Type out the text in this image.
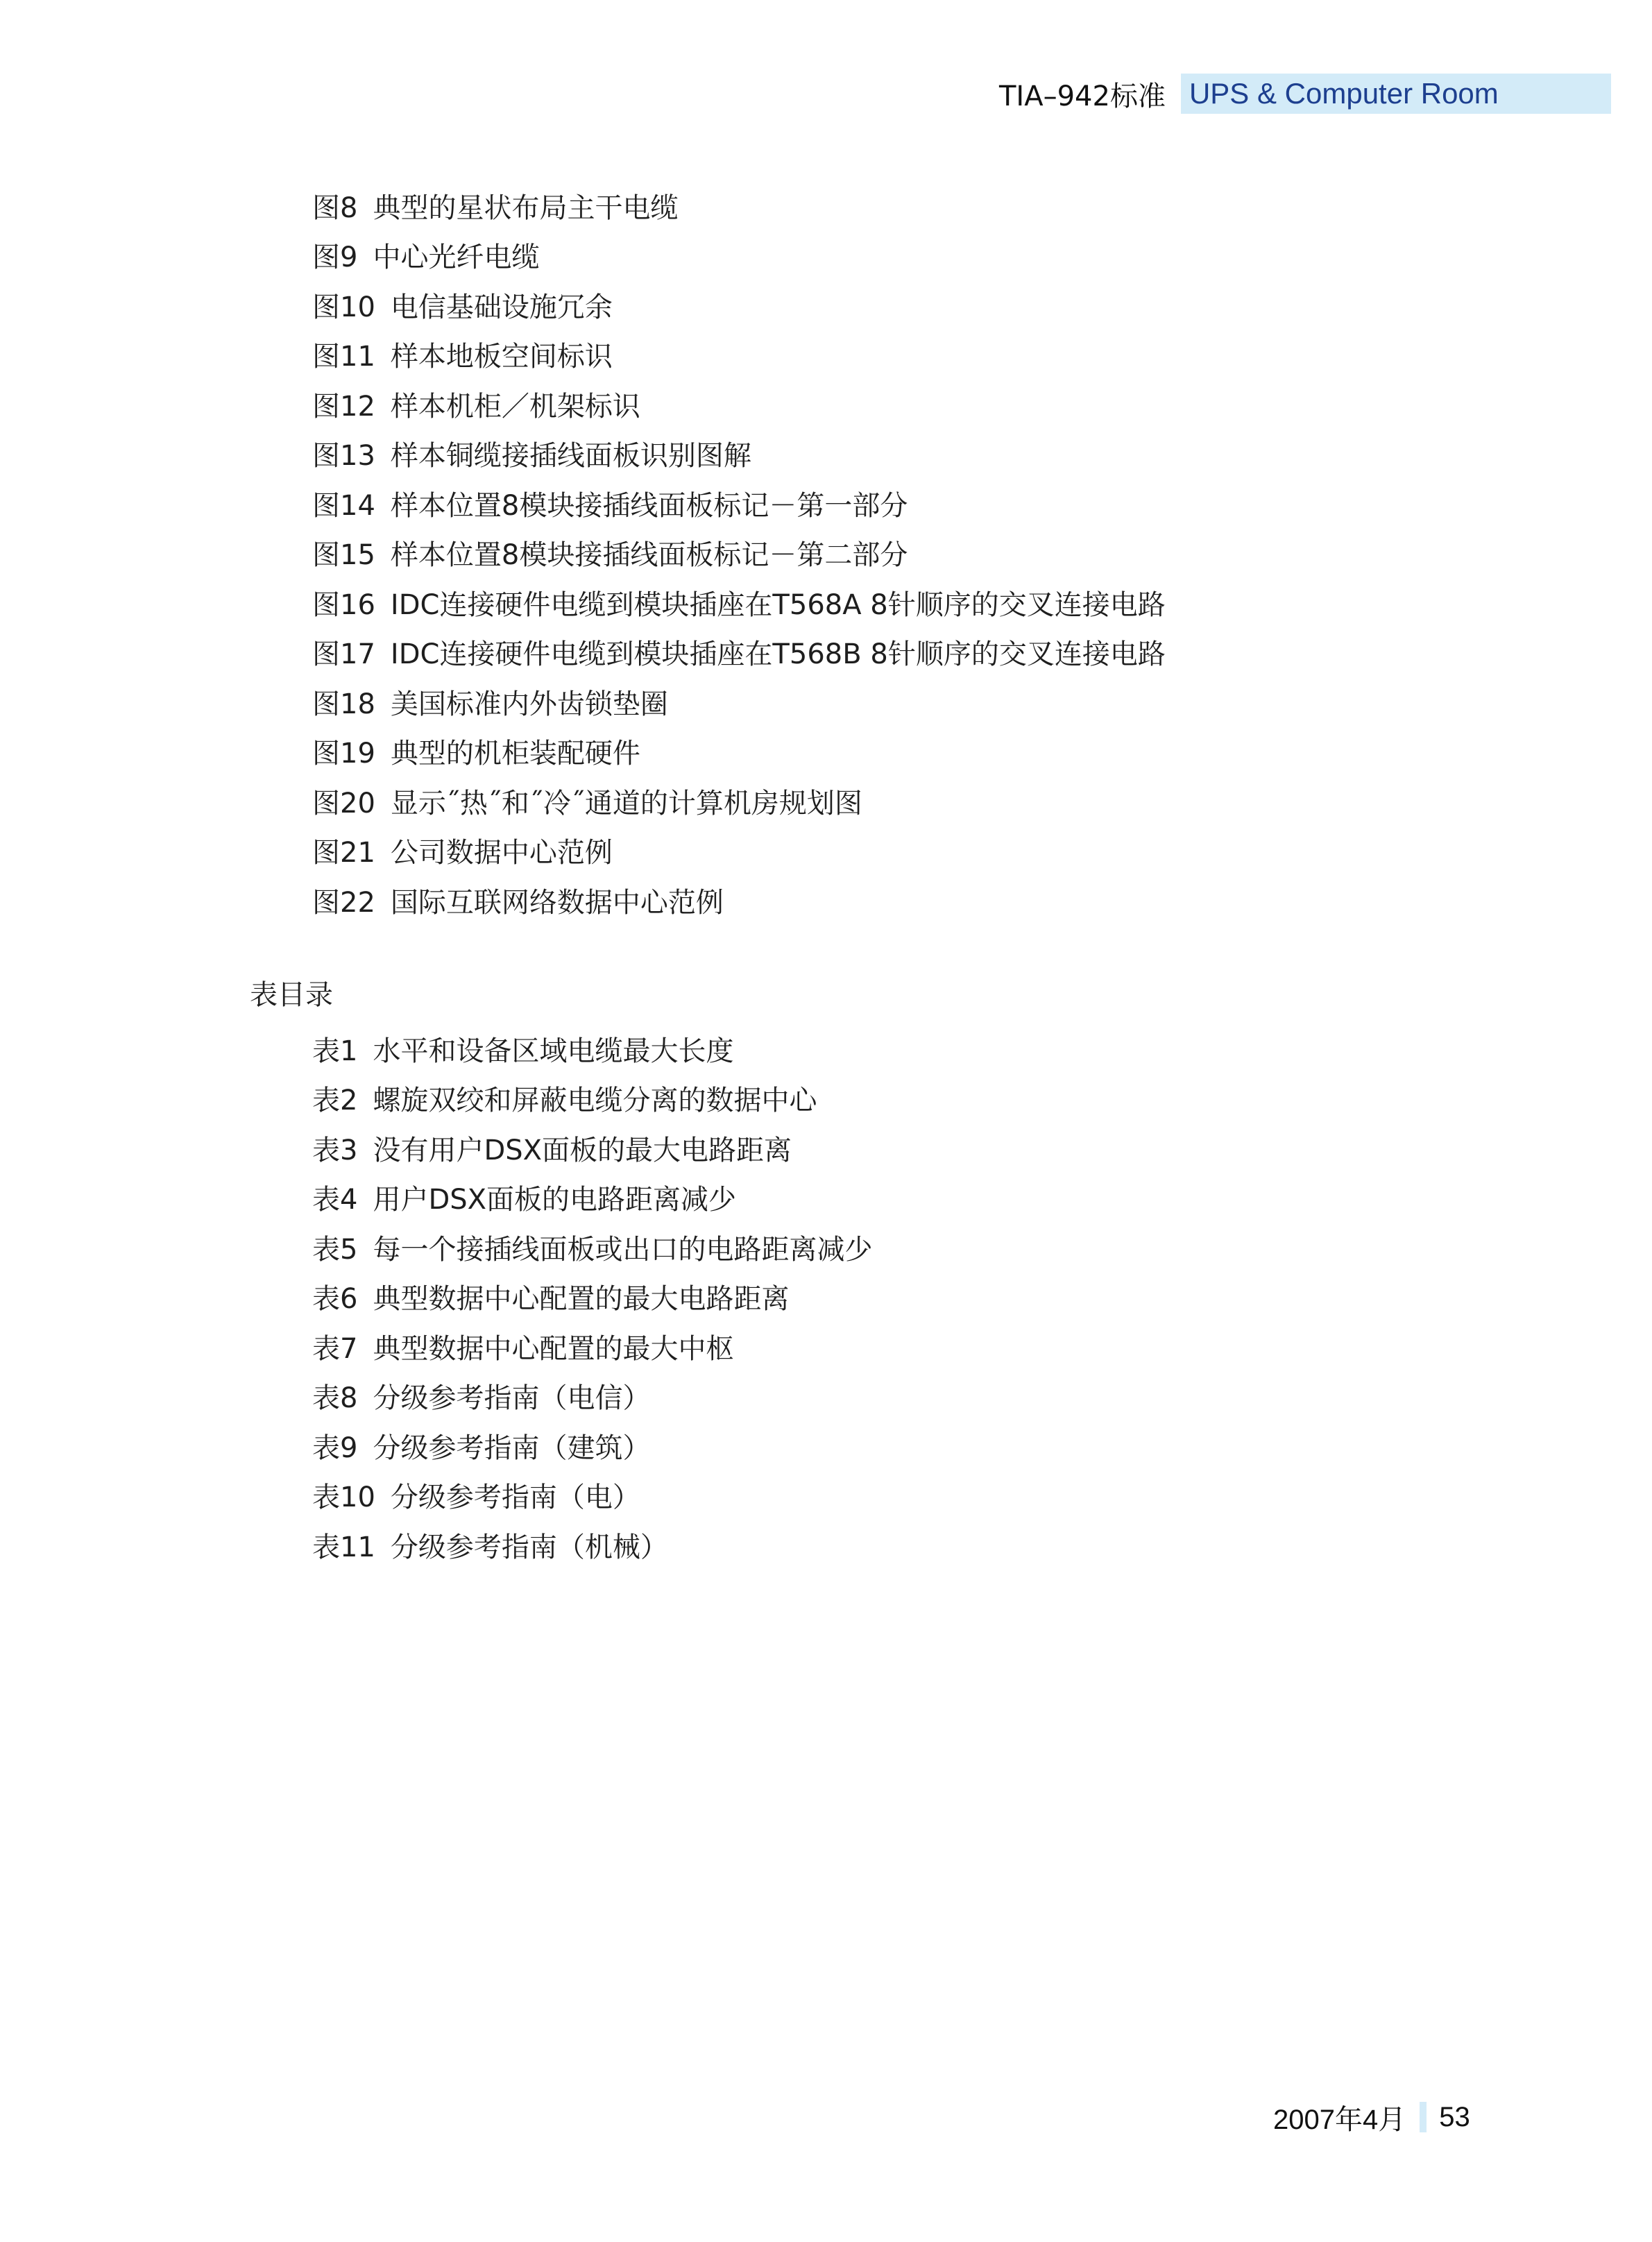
TIA–942标准 UPS & Computer Room
图8 典型的星状布局主干电缆
图9 中心光纤电缆
图10 电信基础设施冗余
图11 样本地板空间标识
图12 样本机柜／机架标识
图13 样本铜缆接插线面板识别图解
图14 样本位置8模块接插线面板标记－第一部分
图15 样本位置8模块接插线面板标记－第二部分
图16 IDC连接硬件电缆到模块插座在T568A 8针顺序的交叉连接电路
图17 IDC连接硬件电缆到模块插座在T568B 8针顺序的交叉连接电路
图18 美国标准内外齿锁垫圈
图19 典型的机柜装配硬件
图20 显示˝热˝和˝冷˝通道的计算机房规划图
图21 公司数据中心范例
图22 国际互联网络数据中心范例
表目录
表1 水平和设备区域电缆最大长度
表2 螺旋双绞和屏蔽电缆分离的数据中心
表3 没有用户DSX面板的最大电路距离
表4 用户DSX面板的电路距离减少
表5 每一个接插线面板或出口的电路距离减少
表6 典型数据中心配置的最大电路距离
表7 典型数据中心配置的最大中枢
表8 分级参考指南（电信）
表9 分级参考指南（建筑）
表10 分级参考指南（电）
表11 分级参考指南（机械）
2007年4月 53
